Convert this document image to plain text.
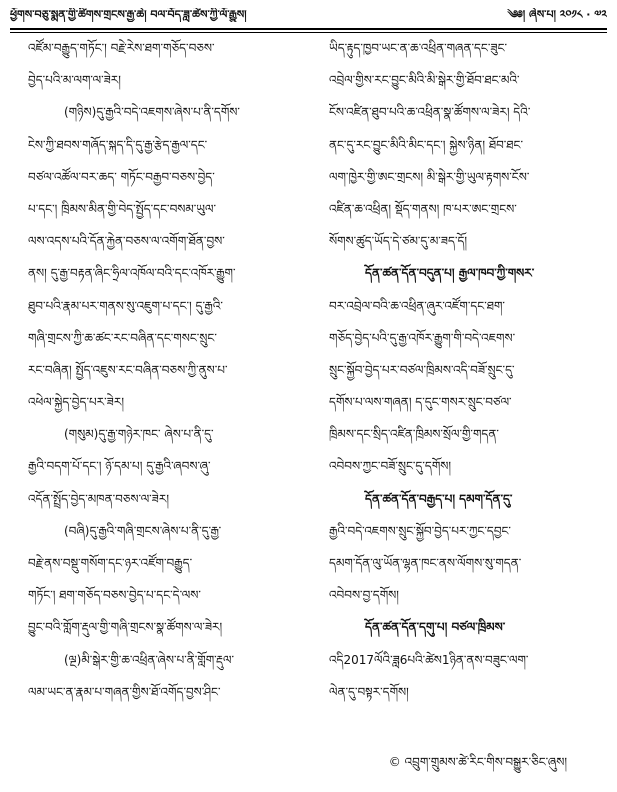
ཕྱོགས་བཅུ་སྨན་གྱི་ཚིགས་གྲངས་རྒྱ་ཆེ། བལ་བོད་ཟླ་ཚེས་ཀྱི་ལོ་རྒྱུས།	༄༅། ཞེས་པ། ༢༠༡༨ · ༧༢
འཛོམ་བརྒྱུད་གཏོང་། བརྗེ་རེས་ཐག་གཅོད་བཅས་
བྱེད་པའི་མ་ལག་ལ་ཟེར།
(གཉིས)དུ་རྒྱའི་བདེ་འཇགས་ཞེས་པ་ནི་དགོས་
ངེས་ཀྱི་ཐབས་གཞོད་སྐད་དི་དུ་རྒྱ་རྩེད་རྒྱལ་དང་
བཙལ་འཚོལ་བར་ཆད་ གཏོང་བརྒྱབ་བཅས་བྱེད་
པ་དང་། ཁྲིམས་མིན་གྱི་བེད་སྤྱོད་དང་བསམ་ཡུལ་
ལས་འདས་པའི་དོན་རྐྱེན་བཅས་ལ་འགོག་ཐོན་བྱས་
ནས། དུ་རྒྱ་བརྟན་ཞིང་ཧྲིལ་འཁོལ་བའི་དང་འཁོར་རྒྱུག་
ཐུབ་པའི་རྣམ་པར་གནས་སུ་འཇུག་པ་དང་། དུ་རྒྱའི་
གཞི་གྲངས་ཀྱི་ཆ་ཚང་རང་བཞིན་དང་གསང་སྲུང་
རང་བཞིན། སྤྱོད་འཇུས་རང་བཞིན་བཅས་ཀྱི་ནུས་པ་
འཕེལ་སྐྱེད་བྱེད་པར་ཟེར།
(གསུམ)དུ་རྒྱ་གཉེར་ཁང་ ཞེས་པ་ནི་དུ་
རྒྱའི་བདག་པོ་དང་། ཉོ་དམ་པ། དུ་རྒྱའི་ཞབས་ཞུ་
འདོན་སྤྲོད་བྱེད་མཁན་བཅས་ལ་ཟེར།
(བཞི)དུ་རྒྱའི་གཞི་གྲངས་ཞེས་པ་ནི་དུ་རྒྱ་
བརྗེ་ནས་བསྡུ་གསོག་དང་ཉར་འཛོག་བརྒྱུད་
གཏོང་། ཐག་གཅོད་བཅས་བྱེད་པ་དང་དེ་ལས་
བྱུང་བའི་གློག་རྡུལ་གྱི་གཞི་གྲངས་སྣ་ཚོགས་ལ་ཟེར།
(ལྔ)མི་སྒེར་གྱི་ཆ་འཕྲིན་ཞེས་པ་ནི་གློག་རྡུལ་
ལམ་ཡང་ན་རྣམ་པ་གཞན་གྱིས་ཐོ་འགོད་བྱས་ཤིང་
ཡིད་རྟུད་ཁྱབ་ཡང་ན་ཆ་འཕྲིན་གཞན་དང་ཟུང་
འབྲེལ་གྱིས་རང་བྱུང་མིའི་མི་སྒེར་གྱི་ཐོབ་ཐང་མའི་
ངོས་འཛིན་ཐུབ་པའི་ཆ་འཕྲིན་སྣ་ཚོགས་ལ་ཟེར། དེའི་
ནང་དུ་རང་བྱུང་མིའི་མིང་དང་། སྐྱེས་ཉིན། ཐོབ་ཐང་
ལག་ཁྱེར་གྱི་ཨང་གྲངས། མི་སྒེར་གྱི་ཡུལ་རྟགས་ངོས་
འཛིན་ཆ་འཕྲིན། སྡོད་གནས། ཁ་པར་ཨང་གྲངས་
སོགས་ཚུད་ཡོད་དེ་ཙམ་དུ་མ་ཟད་དོ།
དོན་ཚན་དོན་བདུན་པ། རྒྱལ་ཁབ་ཀྱི་གསར་
བར་འབྲེལ་བའི་ཆ་འཕྲིན་ཞུར་འཛོག་དང་ཐག་
གཅོད་བྱེད་པའི་དུ་རྒྱ་འཁོར་རྒྱུག་གི་བདེ་འཇགས་
སྲུང་སྐྱོབ་བྱེད་པར་བཙལ་ཁྲིམས་འདི་བཟོ་སྲུང་དུ་
དགོས་པ་ལས་གཞན། ད་དུང་གསར་སྲུང་བཙལ་
ཁྲིམས་དང་སྲིད་འཛིན་ཁྲིམས་སྲོལ་གྱི་གདན་
འབེབས་ཀྱང་བཟོ་སྲུང་དུ་དགོས།
དོན་ཚན་དོན་བརྒྱད་པ། དམག་དོན་དུ་
རྒྱའི་བདེ་འཇགས་སྲུང་སྐྱོབ་བྱེད་པར་ཀྱང་དབྱང་
དམག་དོན་ལུ་ཡོན་ལྷན་ཁང་ནས་ལོགས་སུ་གདན་
འབེབས་བྱ་དགོས།
དོན་ཚན་དོན་དགུ་པ། བཙལ་ཁྲིམས་
འདི2017ལོའི་ཟླ6པའི་ཚེས1ཉིན་ནས་བཟུང་ལག་
ལེན་དུ་བསྟར་དགོས།
© འབྲུག་གྲུམས་ཚེ་རིང་གིས་བསྒྱུར་ཅིང་ཞུས།
